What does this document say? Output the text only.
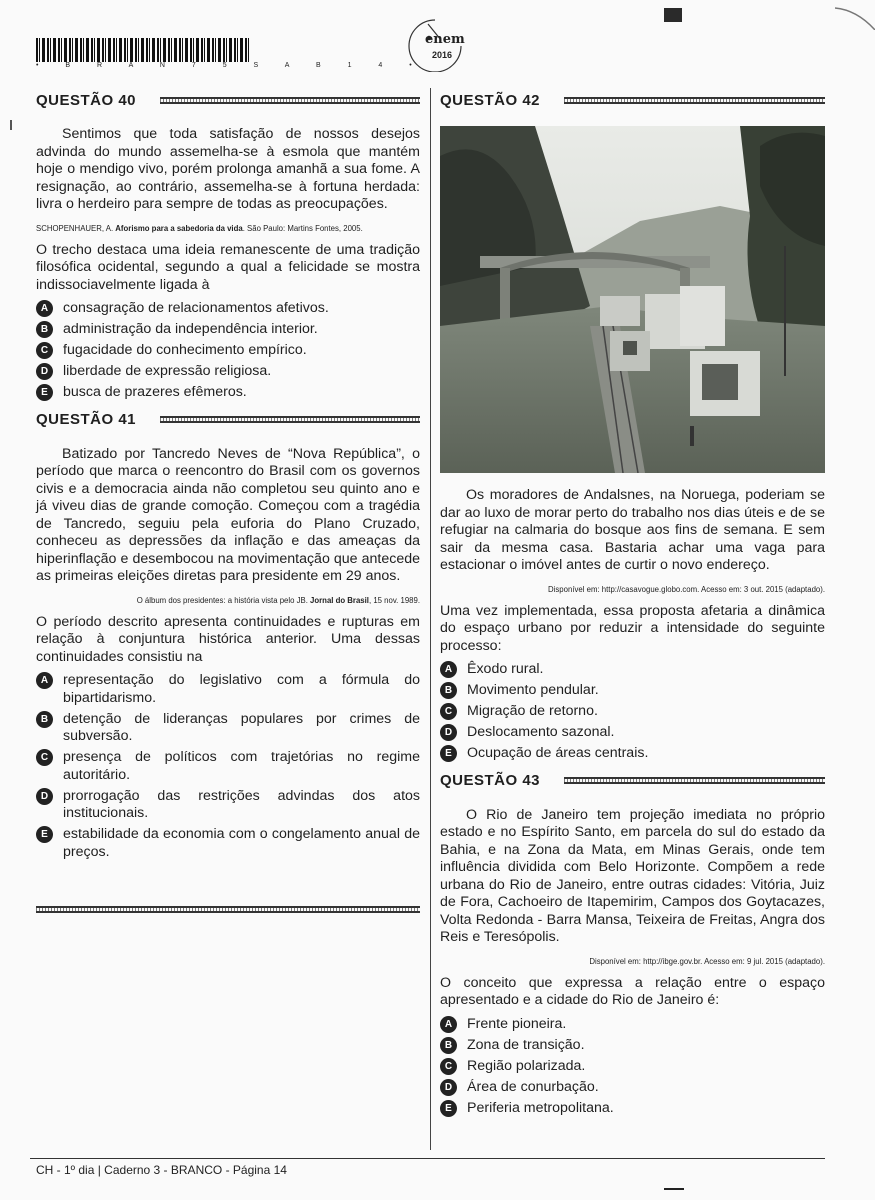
• B R A N 7 5 S A B 1 4 •
enem
2016
QUESTÃO 40

Sentimos que toda satisfação de nossos desejos advinda do mundo assemelha-se à esmola que mantém hoje o mendigo vivo, porém prolonga amanhã a sua fome. A resignação, ao contrário, assemelha-se à fortuna herdada: livra o herdeiro para sempre de todas as preocupações.

SCHOPENHAUER, A. Aforismo para a sabedoria da vida. São Paulo: Martins Fontes, 2005.

O trecho destaca uma ideia remanescente de uma tradição filosófica ocidental, segundo a qual a felicidade se mostra indissociavelmente ligada à

A	consagração de relacionamentos afetivos.
B	administração da independência interior.
C	fugacidade do conhecimento empírico.
D	liberdade de expressão religiosa.
E	busca de prazeres efêmeros.
QUESTÃO 41

Batizado por Tancredo Neves de “Nova República”, o período que marca o reencontro do Brasil com os governos civis e a democracia ainda não completou seu quinto ano e já viveu dias de grande comoção. Começou com a tragédia de Tancredo, seguiu pela euforia do Plano Cruzado, conheceu as depressões da inflação e das ameaças da hiperinflação e desembocou na movimentação que antecede as primeiras eleições diretas para presidente em 29 anos.

O álbum dos presidentes: a história vista pelo JB. Jornal do Brasil, 15 nov. 1989.

O período descrito apresenta continuidades e rupturas em relação à conjuntura histórica anterior. Uma dessas continuidades consistiu na

A	representação do legislativo com a fórmula do bipartidarismo.
B	detenção de lideranças populares por crimes de subversão.
C	presença de políticos com trajetórias no regime autoritário.
D	prorrogação das restrições advindas dos atos institucionais.
E	estabilidade da economia com o congelamento anual de preços.
QUESTÃO 42

Os moradores de Andalsnes, na Noruega, poderiam se dar ao luxo de morar perto do trabalho nos dias úteis e de se refugiar na calmaria do bosque aos fins de semana. E sem sair da mesma casa. Bastaria achar uma vaga para estacionar o imóvel antes de curtir o novo endereço.

Disponível em: http://casavogue.globo.com. Acesso em: 3 out. 2015 (adaptado).

Uma vez implementada, essa proposta afetaria a dinâmica do espaço urbano por reduzir a intensidade do seguinte processo:

A	Êxodo rural.
B	Movimento pendular.
C	Migração de retorno.
D	Deslocamento sazonal.
E	Ocupação de áreas centrais.
QUESTÃO 43

O Rio de Janeiro tem projeção imediata no próprio estado e no Espírito Santo, em parcela do sul do estado da Bahia, e na Zona da Mata, em Minas Gerais, onde tem influência dividida com Belo Horizonte. Compõem a rede urbana do Rio de Janeiro, entre outras cidades: Vitória, Juiz de Fora, Cachoeiro de Itapemirim, Campos dos Goytacazes, Volta Redonda - Barra Mansa, Teixeira de Freitas, Angra dos Reis e Teresópolis.

Disponível em: http://ibge.gov.br. Acesso em: 9 jul. 2015 (adaptado).

O conceito que expressa a relação entre o espaço apresentado e a cidade do Rio de Janeiro é:

A	Frente pioneira.
B	Zona de transição.
C	Região polarizada.
D	Área de conurbação.
E	Periferia metropolitana.
CH - 1º dia | Caderno 3 - BRANCO - Página 14
